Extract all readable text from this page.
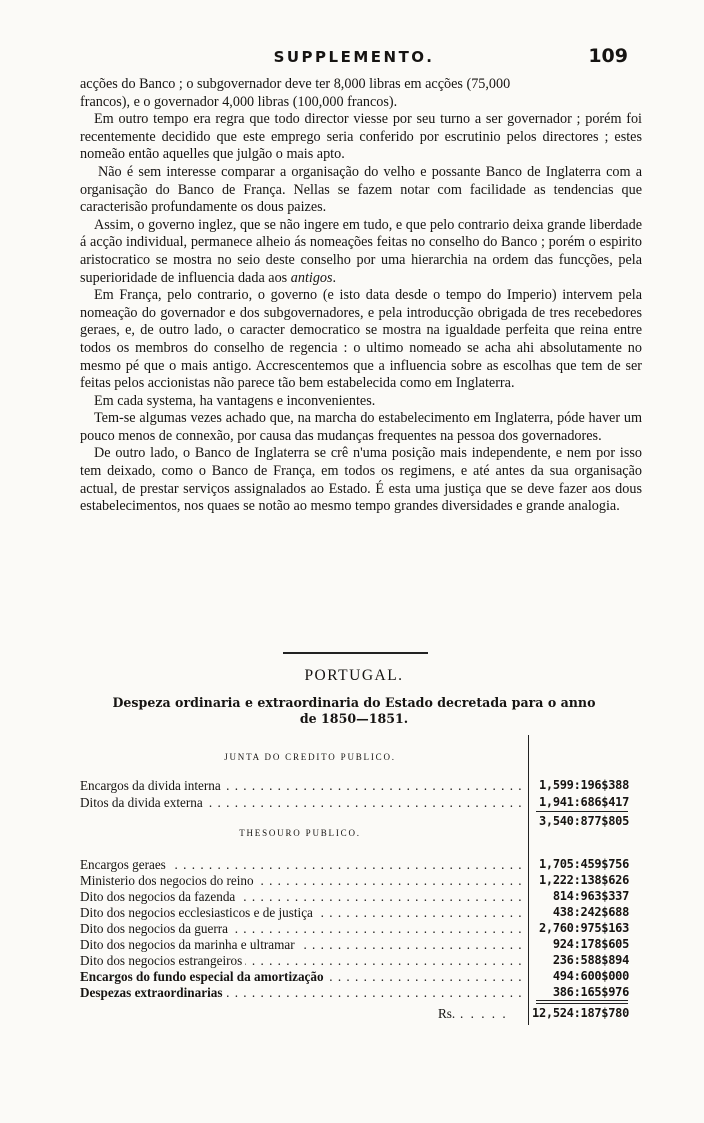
SUPPLEMENTO.	109

acções do Banco ; o subgovernador deve ter 8,000 libras em acções (75,000
francos), e o governador 4,000 libras (100,000 francos).

Em outro tempo era regra que todo director viesse por seu turno a ser governador ; porém foi recentemente decidido que este emprego seria conferido por escrutinio pelos directores ; estes nomeão então aquelles que julgão o mais apto.

Não é sem interesse comparar a organisação do velho e possante Banco de Inglaterra com a organisação do Banco de França. Nellas se fazem notar com facilidade as tendencias que caracterisão profundamente os dous paizes.

Assim, o governo inglez, que se não ingere em tudo, e que pelo contrario deixa grande liberdade á acção individual, permanece alheio ás nomeações feitas no conselho do Banco ; porém o espirito aristocratico se mostra no seio deste conselho por uma hierarchia na ordem das funcções, pela superioridade de influencia dada aos antigos.

Em França, pelo contrario, o governo (e isto data desde o tempo do Imperio) intervem pela nomeação do governador e dos subgovernadores, e pela introducção obrigada de tres recebedores geraes, e, de outro lado, o caracter democratico se mostra na igualdade perfeita que reina entre todos os membros do conselho de regencia : o ultimo nomeado se acha ahi absolutamente no mesmo pé que o mais antigo. Accrescentemos que a influencia sobre as escolhas que tem de ser feitas pelos accionistas não parece tão bem estabelecida como em Inglaterra.

Em cada systema, ha vantagens e inconvenientes.

Tem-se algumas vezes achado que, na marcha do estabelecimento em Inglaterra, póde haver um pouco menos de connexão, por causa das mudanças frequentes na pessoa dos governadores.

De outro lado, o Banco de Inglaterra se crê n'uma posição mais independente, e nem por isso tem deixado, como o Banco de França, em todos os regimens, e até antes da sua organisação actual, de prestar serviços assignalados ao Estado. É esta uma justiça que se deve fazer aos dous estabelecimentos, nos quaes se notão ao mesmo tempo grandes diversidades e grande analogia.

PORTUGAL.
Despeza ordinaria e extraordinaria do Estado decretada para o anno
de 1850—1851.
JUNTA DO CREDITO PUBLICO.
Encargos da divida interna . . .	1,599:196$388
Ditos da divida externa . . .	1,941:686$417
3,540:877$805
THESOURO PUBLICO.
Encargos geraes . . .	1,705:459$756
Ministerio dos negocios do reino . . .	1,222:138$626
Dito dos negocios da fazenda . . .	814:963$337
Dito dos negocios ecclesiasticos e de justiça . . .	438:242$688
Dito dos negocios da guerra . . .	2,760:975$163
Dito dos negocios da marinha e ultramar . . .	924:178$605
Dito dos negocios estrangeiros . . .	236:588$894
Encargos do fundo especial da amortização . . .	494:600$000
Despezas extraordinarias . . .	386:165$976
Rs. . . . . . 12,524:187$780
